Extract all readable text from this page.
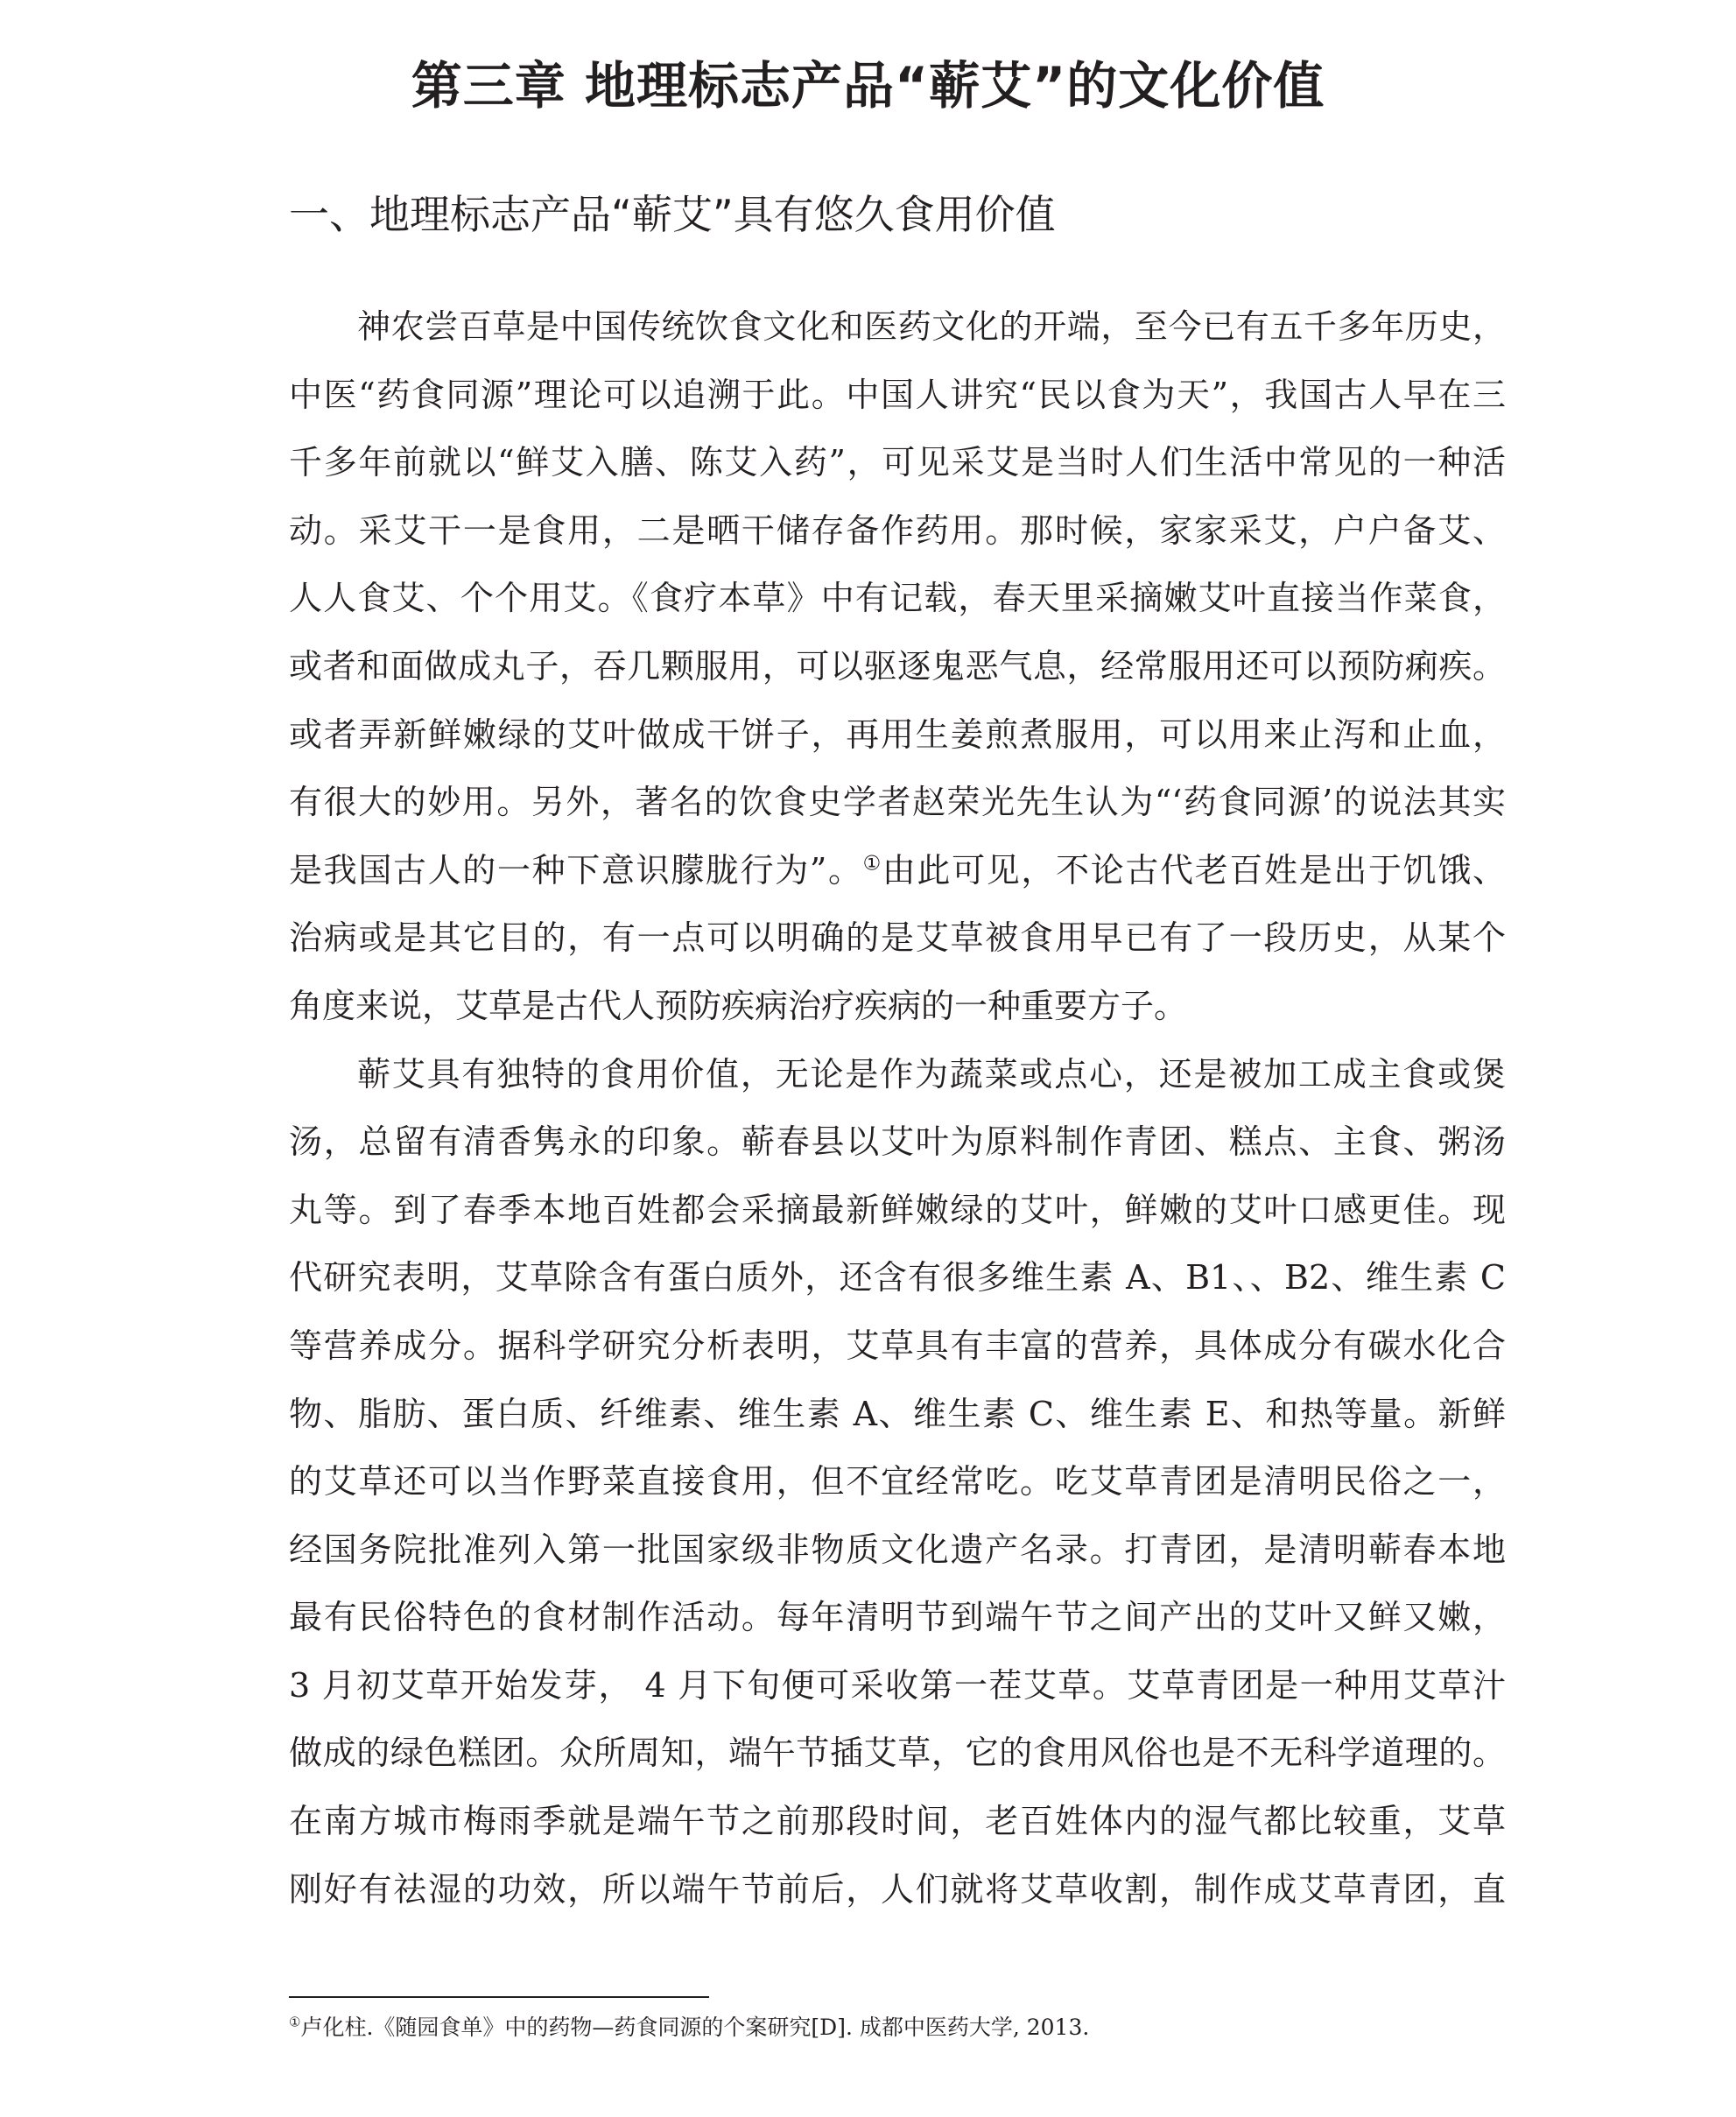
第三章 地理标志产品“蕲艾”的文化价值
一、地理标志产品“蕲艾”具有悠久食用价值
神农尝百草是中国传统饮食文化和医药文化的开端，至今已有五千多年历史，
中医“药食同源”理论可以追溯于此。中国人讲究“民以食为天”，我国古人早在三
千多年前就以“鲜艾入膳、陈艾入药”，可见采艾是当时人们生活中常见的一种活
动。采艾干一是食用，二是晒干储存备作药用。那时候，家家采艾，户户备艾、
人人食艾、个个用艾。《食疗本草》中有记载，春天里采摘嫩艾叶直接当作菜食，
或者和面做成丸子，吞几颗服用，可以驱逐鬼恶气息，经常服用还可以预防痢疾。
或者弄新鲜嫩绿的艾叶做成干饼子，再用生姜煎煮服用，可以用来止泻和止血，
有很大的妙用。另外，著名的饮食史学者赵荣光先生认为“‘药食同源’的说法其实
是我国古人的一种下意识朦胧行为”。①由此可见，不论古代老百姓是出于饥饿、
治病或是其它目的，有一点可以明确的是艾草被食用早已有了一段历史，从某个
角度来说，艾草是古代人预防疾病治疗疾病的一种重要方子。
蕲艾具有独特的食用价值，无论是作为蔬菜或点心，还是被加工成主食或煲
汤，总留有清香隽永的印象。蕲春县以艾叶为原料制作青团、糕点、主食、粥汤
丸等。到了春季本地百姓都会采摘最新鲜嫩绿的艾叶，鲜嫩的艾叶口感更佳。现
代研究表明，艾草除含有蛋白质外，还含有很多维生素 A、B1、、B2、维生素 C
等营养成分。据科学研究分析表明，艾草具有丰富的营养，具体成分有碳水化合
物、脂肪、蛋白质、纤维素、维生素 A、维生素 C、维生素 E、和热等量。新鲜
的艾草还可以当作野菜直接食用，但不宜经常吃。吃艾草青团是清明民俗之一，
经国务院批准列入第一批国家级非物质文化遗产名录。打青团，是清明蕲春本地
最有民俗特色的食材制作活动。每年清明节到端午节之间产出的艾叶又鲜又嫩，
3 月初艾草开始发芽， 4 月下旬便可采收第一茬艾草。艾草青团是一种用艾草汁
做成的绿色糕团。众所周知，端午节插艾草，它的食用风俗也是不无科学道理的。
在南方城市梅雨季就是端午节之前那段时间，老百姓体内的湿气都比较重，艾草
刚好有祛湿的功效，所以端午节前后，人们就将艾草收割，制作成艾草青团，直
①卢化柱.《随园食单》中的药物—药食同源的个案研究[D]. 成都中医药大学, 2013.
